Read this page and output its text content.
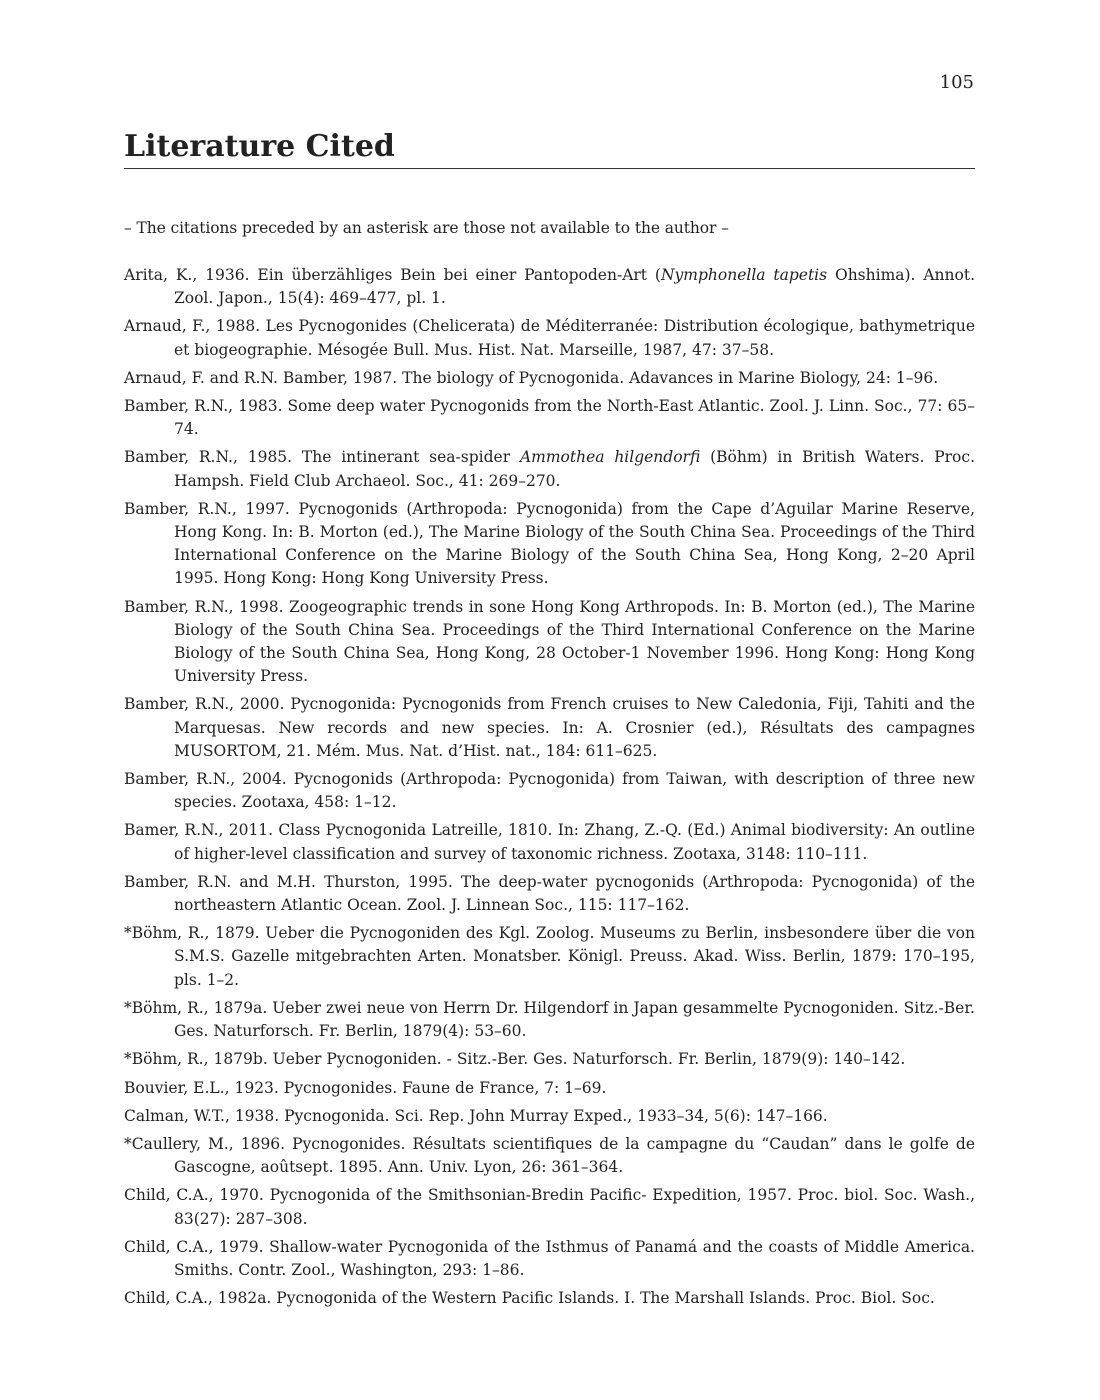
105
Literature Cited
– The citations preceded by an asterisk are those not available to the author –

Arita, K., 1936. Ein überzähliges Bein bei einer Pantopoden-Art (Nymphonella tapetis Ohshima). Annot. Zool. Japon., 15(4): 469–477, pl. 1.

Arnaud, F., 1988. Les Pycnogonides (Chelicerata) de Méditerranée: Distribution écologique, bathymetrique et biogeographie. Mésogée Bull. Mus. Hist. Nat. Marseille, 1987, 47: 37–58.

Arnaud, F. and R.N. Bamber, 1987. The biology of Pycnogonida. Adavances in Marine Biology, 24: 1–96.

Bamber, R.N., 1983. Some deep water Pycnogonids from the North-East Atlantic. Zool. J. Linn. Soc., 77: 65–74.

Bamber, R.N., 1985. The intinerant sea-spider Ammothea hilgendorfi (Böhm) in British Waters. Proc. Hampsh. Field Club Archaeol. Soc., 41: 269–270.

Bamber, R.N., 1997. Pycnogonids (Arthropoda: Pycnogonida) from the Cape d’Aguilar Marine Reserve, Hong Kong. In: B. Morton (ed.), The Marine Biology of the South China Sea. Proceedings of the Third International Conference on the Marine Biology of the South China Sea, Hong Kong, 2–20 April 1995. Hong Kong: Hong Kong University Press.

Bamber, R.N., 1998. Zoogeographic trends in sone Hong Kong Arthropods. In: B. Morton (ed.), The Marine Biology of the South China Sea. Proceedings of the Third International Conference on the Marine Biology of the South China Sea, Hong Kong, 28 October-1 November 1996. Hong Kong: Hong Kong University Press.

Bamber, R.N., 2000. Pycnogonida: Pycnogonids from French cruises to New Caledonia, Fiji, Tahiti and the Marquesas. New records and new species. In: A. Crosnier (ed.), Résultats des campagnes MUSORTOM, 21. Mém. Mus. Nat. d’Hist. nat., 184: 611–625.

Bamber, R.N., 2004. Pycnogonids (Arthropoda: Pycnogonida) from Taiwan, with description of three new species. Zootaxa, 458: 1–12.

Bamer, R.N., 2011. Class Pycnogonida Latreille, 1810. In: Zhang, Z.-Q. (Ed.) Animal biodiversity: An outline of higher-level classification and survey of taxonomic richness. Zootaxa, 3148: 110–111.

Bamber, R.N. and M.H. Thurston, 1995. The deep-water pycnogonids (Arthropoda: Pycnogonida) of the northeastern Atlantic Ocean. Zool. J. Linnean Soc., 115: 117–162.

*Böhm, R., 1879. Ueber die Pycnogoniden des Kgl. Zoolog. Museums zu Berlin, insbesondere über die von S.M.S. Gazelle mitgebrachten Arten. Monatsber. Königl. Preuss. Akad. Wiss. Berlin, 1879: 170–195, pls. 1–2.

*Böhm, R., 1879a. Ueber zwei neue von Herrn Dr. Hilgendorf in Japan gesammelte Pycnogoniden. Sitz.-Ber. Ges. Naturforsch. Fr. Berlin, 1879(4): 53–60.

*Böhm, R., 1879b. Ueber Pycnogoniden. - Sitz.-Ber. Ges. Naturforsch. Fr. Berlin, 1879(9): 140–142.

Bouvier, E.L., 1923. Pycnogonides. Faune de France, 7: 1–69.

Calman, W.T., 1938. Pycnogonida. Sci. Rep. John Murray Exped., 1933–34, 5(6): 147–166.

*Caullery, M., 1896. Pycnogonides. Résultats scientifiques de la campagne du “Caudan” dans le golfe de Gascogne, aoûtsept. 1895. Ann. Univ. Lyon, 26: 361–364.

Child, C.A., 1970. Pycnogonida of the Smithsonian-Bredin Pacific- Expedition, 1957. Proc. biol. Soc. Wash., 83(27): 287–308.

Child, C.A., 1979. Shallow-water Pycnogonida of the Isthmus of Panamá and the coasts of Middle America. Smiths. Contr. Zool., Washington, 293: 1–86.

Child, C.A., 1982a. Pycnogonida of the Western Pacific Islands. I. The Marshall Islands. Proc. Biol. Soc.
